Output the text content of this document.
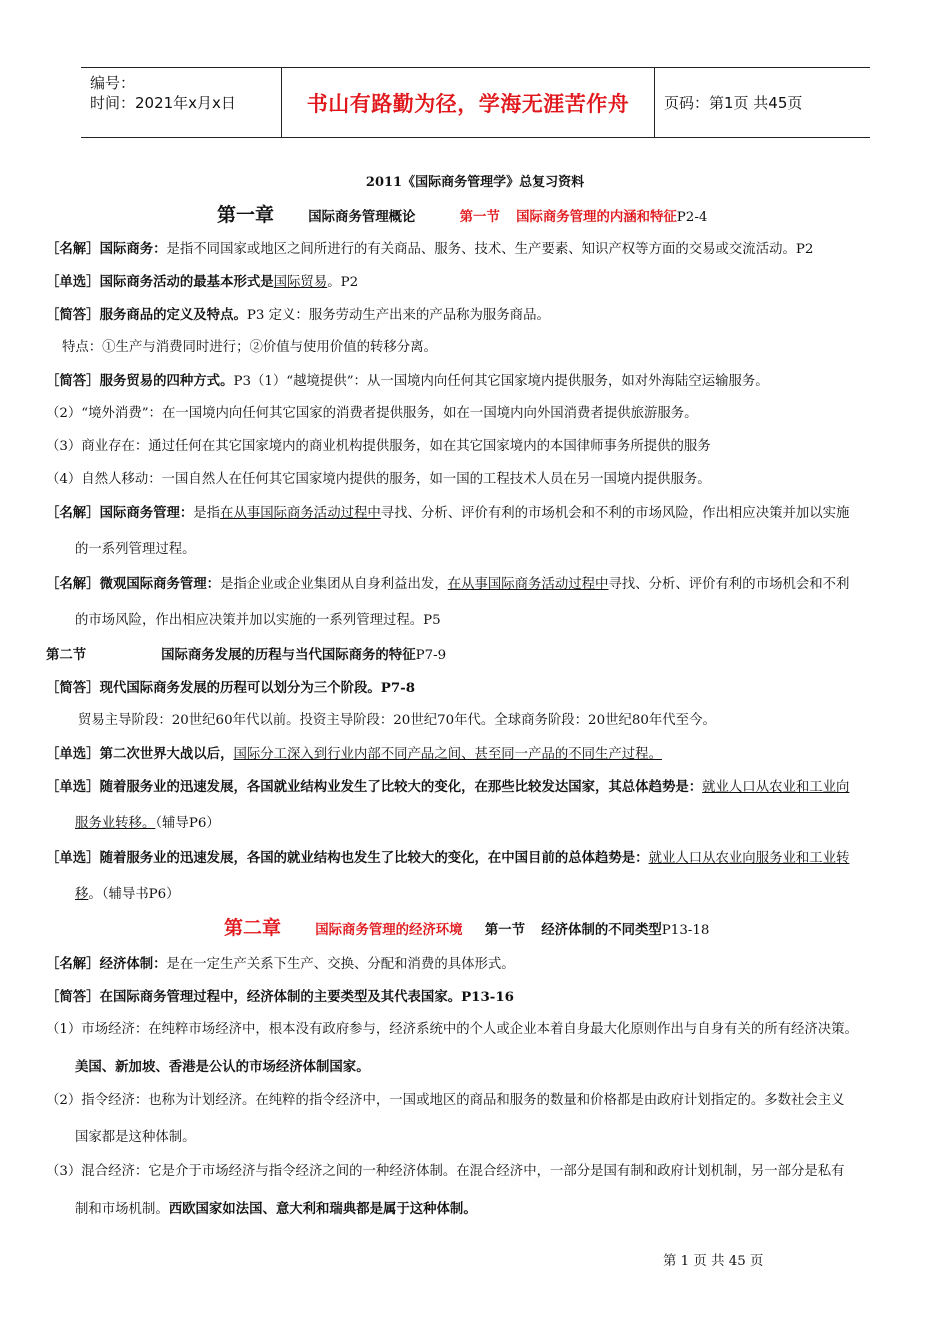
编号：
时间：2021年x月x日	书山有路勤为径，学海无涯苦作舟 页码：第1页 共45页
2011《国际商务管理学》总复习资料
第一章	国际商务管理概论	第一节 国际商务管理的内涵和特征P2-4
［名解］国际商务：是指不同国家或地区之间所进行的有关商品、服务、技术、生产要素、知识产权等方面的交易或交流活动。P2
［单选］国际商务活动的最基本形式是国际贸易。P2
［简答］服务商品的定义及特点。P3 定义：服务劳动生产出来的产品称为服务商品。
特点：①生产与消费同时进行；②价值与使用价值的转移分离。
［简答］服务贸易的四种方式。P3（1）“越境提供”：从一国境内向任何其它国家境内提供服务，如对外海陆空运输服务。
（2）“境外消费”：在一国境内向任何其它国家的消费者提供服务，如在一国境内向外国消费者提供旅游服务。
（3）商业存在：通过任何在其它国家境内的商业机构提供服务，如在其它国家境内的本国律师事务所提供的服务
（4）自然人移动：一国自然人在任何其它国家境内提供的服务，如一国的工程技术人员在另一国境内提供服务。
［名解］国际商务管理：是指在从事国际商务活动过程中寻找、分析、评价有利的市场机会和不利的市场风险，作出相应决策并加以实施
的一系列管理过程。
［名解］微观国际商务管理：是指企业或企业集团从自身利益出发，在从事国际商务活动过程中寻找、分析、评价有利的市场机会和不利
的市场风险，作出相应决策并加以实施的一系列管理过程。P5
第二节	国际商务发展的历程与当代国际商务的特征P7-9
［简答］现代国际商务发展的历程可以划分为三个阶段。P7-8
贸易主导阶段：20世纪60年代以前。投资主导阶段：20世纪70年代。全球商务阶段：20世纪80年代至今。
［单选］第二次世界大战以后，国际分工深入到行业内部不同产品之间、甚至同一产品的不同生产过程。
［单选］随着服务业的迅速发展，各国就业结构业发生了比较大的变化，在那些比较发达国家，其总体趋势是：就业人口从农业和工业向
服务业转移。（辅导P6）
［单选］随着服务业的迅速发展，各国的就业结构也发生了比较大的变化，在中国目前的总体趋势是：就业人口从农业向服务业和工业转
移。（辅导书P6）
第二章	国际商务管理的经济环境 第一节 经济体制的不同类型P13-18
［名解］经济体制：是在一定生产关系下生产、交换、分配和消费的具体形式。
［简答］在国际商务管理过程中，经济体制的主要类型及其代表国家。P13-16
（1）市场经济：在纯粹市场经济中，根本没有政府参与，经济系统中的个人或企业本着自身最大化原则作出与自身有关的所有经济决策。
美国、新加坡、香港是公认的市场经济体制国家。
（2）指令经济：也称为计划经济。在纯粹的指令经济中，一国或地区的商品和服务的数量和价格都是由政府计划指定的。多数社会主义
国家都是这种体制。
（3）混合经济：它是介于市场经济与指令经济之间的一种经济体制。在混合经济中，一部分是国有制和政府计划机制，另一部分是私有
制和市场机制。西欧国家如法国、意大利和瑞典都是属于这种体制。
第 1 页 共 45 页
